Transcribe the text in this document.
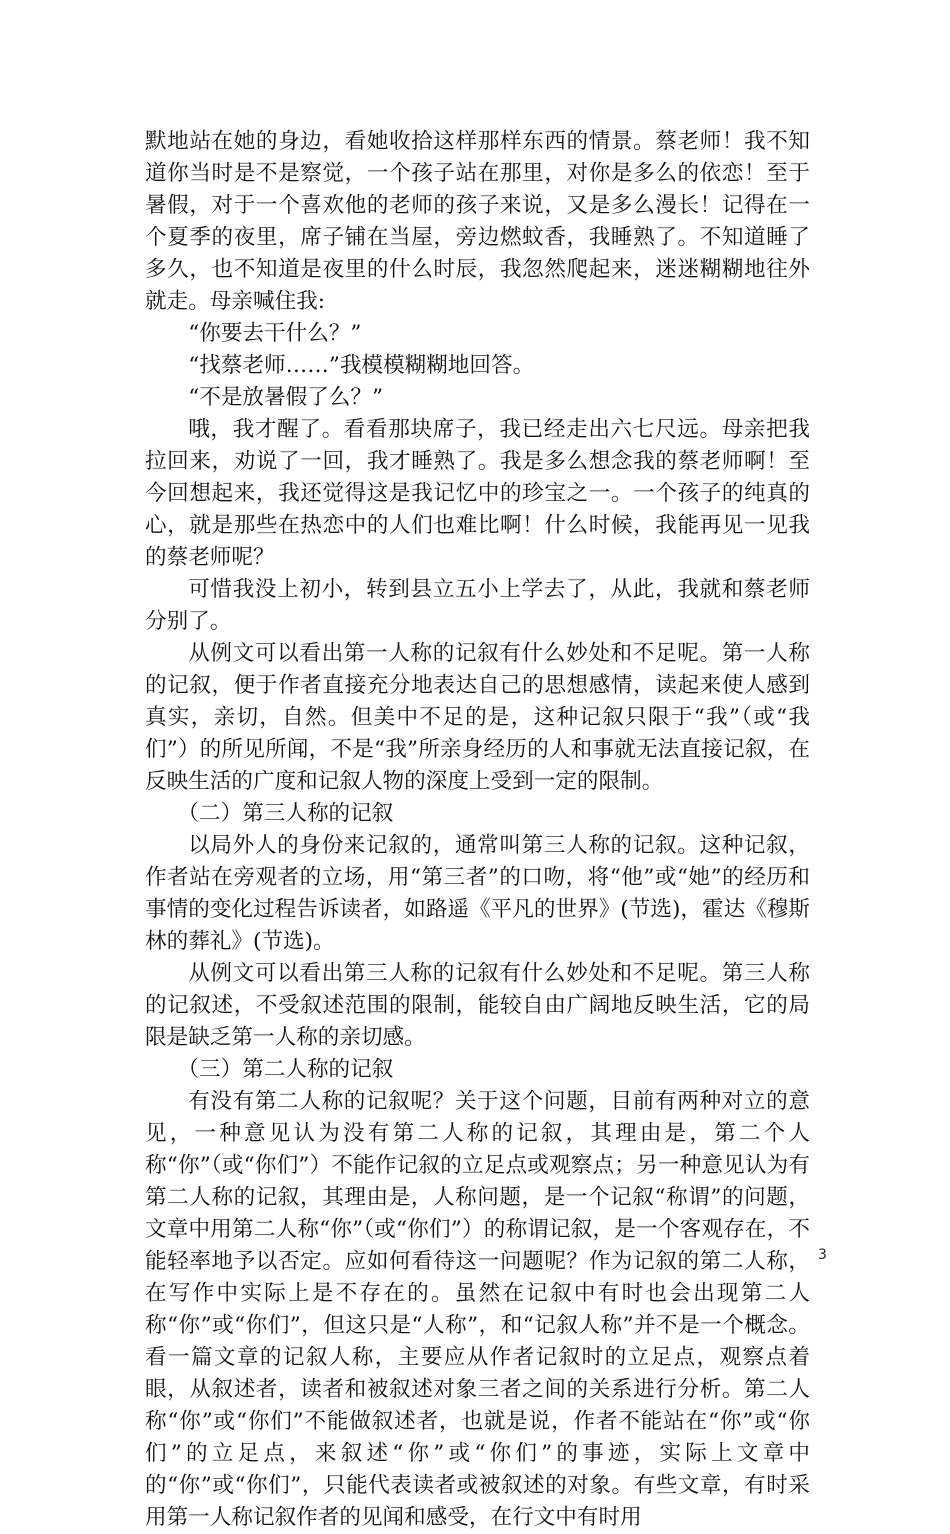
默地站在她的身边，看她收拾这样那样东西的情景。蔡老师！我不知道你当时是不是察觉，一个孩子站在那里，对你是多么的依恋！至于暑假，对于一个喜欢他的老师的孩子来说，又是多么漫长！记得在一个夏季的夜里，席子铺在当屋，旁边燃蚊香，我睡熟了。不知道睡了多久，也不知道是夜里的什么时辰，我忽然爬起来，迷迷糊糊地往外就走。母亲喊住我:

“你要去干什么？”

“找蔡老师……”我模模糊糊地回答。

“不是放暑假了么？”

哦，我才醒了。看看那块席子，我已经走出六七尺远。母亲把我拉回来，劝说了一回，我才睡熟了。我是多么想念我的蔡老师啊！至今回想起来，我还觉得这是我记忆中的珍宝之一。一个孩子的纯真的心，就是那些在热恋中的人们也难比啊！什么时候，我能再见一见我的蔡老师呢？

可惜我没上初小，转到县立五小上学去了，从此，我就和蔡老师分别了。

从例文可以看出第一人称的记叙有什么妙处和不足呢。第一人称的记叙，便于作者直接充分地表达自己的思想感情，读起来使人感到真实，亲切，自然。但美中不足的是，这种记叙只限于“我”（或“我们”）的所见所闻，不是“我”所亲身经历的人和事就无法直接记叙，在反映生活的广度和记叙人物的深度上受到一定的限制。

（二）第三人称的记叙

以局外人的身份来记叙的，通常叫第三人称的记叙。这种记叙，作者站在旁观者的立场，用“第三者”的口吻，将“他”或“她”的经历和事情的变化过程告诉读者，如路遥《平凡的世界》(节选)，霍达《穆斯林的葬礼》(节选)。

从例文可以看出第三人称的记叙有什么妙处和不足呢。第三人称的记叙述，不受叙述范围的限制，能较自由广阔地反映生活，它的局限是缺乏第一人称的亲切感。

（三）第二人称的记叙

有没有第二人称的记叙呢？关于这个问题，目前有两种对立的意见，一种意见认为没有第二人称的记叙，其理由是，第二个人称“你”（或“你们”）不能作记叙的立足点或观察点；另一种意见认为有第二人称的记叙，其理由是，人称问题，是一个记叙“称谓”的问题，文章中用第二人称“你”（或“你们”）的称谓记叙，是一个客观存在，不能轻率地予以否定。应如何看待这一问题呢？作为记叙的第二人称，在写作中实际上是不存在的。虽然在记叙中有时也会出现第二人称“你”或“你们”，但这只是“人称”，和“记叙人称”并不是一个概念。看一篇文章的记叙人称，主要应从作者记叙时的立足点，观察点着眼，从叙述者，读者和被叙述对象三者之间的关系进行分析。第二人称“你”或“你们”不能做叙述者，也就是说，作者不能站在“你”或“你们”的立足点，来叙述“你”或“你们”的事迹，实际上文章中的“你”或“你们”，只能代表读者或被叙述的对象。有些文章，有时采用第一人称记叙作者的见闻和感受，在行文中有时用

3
